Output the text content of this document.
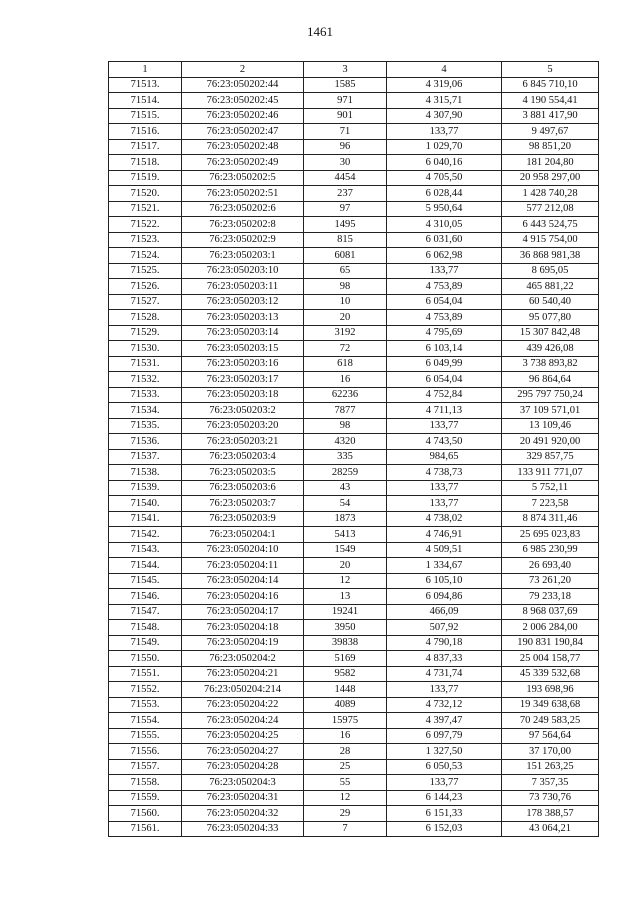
1461
1	2	3	4	5
71513.	76:23:050202:44	1585	4 319,06	6 845 710,10
71514.	76:23:050202:45	971	4 315,71	4 190 554,41
71515.	76:23:050202:46	901	4 307,90	3 881 417,90
71516.	76:23:050202:47	71	133,77	9 497,67
71517.	76:23:050202:48	96	1 029,70	98 851,20
71518.	76:23:050202:49	30	6 040,16	181 204,80
71519.	76:23:050202:5	4454	4 705,50	20 958 297,00
71520.	76:23:050202:51	237	6 028,44	1 428 740,28
71521.	76:23:050202:6	97	5 950,64	577 212,08
71522.	76:23:050202:8	1495	4 310,05	6 443 524,75
71523.	76:23:050202:9	815	6 031,60	4 915 754,00
71524.	76:23:050203:1	6081	6 062,98	36 868 981,38
71525.	76:23:050203:10	65	133,77	8 695,05
71526.	76:23:050203:11	98	4 753,89	465 881,22
71527.	76:23:050203:12	10	6 054,04	60 540,40
71528.	76:23:050203:13	20	4 753,89	95 077,80
71529.	76:23:050203:14	3192	4 795,69	15 307 842,48
71530.	76:23:050203:15	72	6 103,14	439 426,08
71531.	76:23:050203:16	618	6 049,99	3 738 893,82
71532.	76:23:050203:17	16	6 054,04	96 864,64
71533.	76:23:050203:18	62236	4 752,84	295 797 750,24
71534.	76:23:050203:2	7877	4 711,13	37 109 571,01
71535.	76:23:050203:20	98	133,77	13 109,46
71536.	76:23:050203:21	4320	4 743,50	20 491 920,00
71537.	76:23:050203:4	335	984,65	329 857,75
71538.	76:23:050203:5	28259	4 738,73	133 911 771,07
71539.	76:23:050203:6	43	133,77	5 752,11
71540.	76:23:050203:7	54	133,77	7 223,58
71541.	76:23:050203:9	1873	4 738,02	8 874 311,46
71542.	76:23:050204:1	5413	4 746,91	25 695 023,83
71543.	76:23:050204:10	1549	4 509,51	6 985 230,99
71544.	76:23:050204:11	20	1 334,67	26 693,40
71545.	76:23:050204:14	12	6 105,10	73 261,20
71546.	76:23:050204:16	13	6 094,86	79 233,18
71547.	76:23:050204:17	19241	466,09	8 968 037,69
71548.	76:23:050204:18	3950	507,92	2 006 284,00
71549.	76:23:050204:19	39838	4 790,18	190 831 190,84
71550.	76:23:050204:2	5169	4 837,33	25 004 158,77
71551.	76:23:050204:21	9582	4 731,74	45 339 532,68
71552.	76:23:050204:214	1448	133,77	193 698,96
71553.	76:23:050204:22	4089	4 732,12	19 349 638,68
71554.	76:23:050204:24	15975	4 397,47	70 249 583,25
71555.	76:23:050204:25	16	6 097,79	97 564,64
71556.	76:23:050204:27	28	1 327,50	37 170,00
71557.	76:23:050204:28	25	6 050,53	151 263,25
71558.	76:23:050204:3	55	133,77	7 357,35
71559.	76:23:050204:31	12	6 144,23	73 730,76
71560.	76:23:050204:32	29	6 151,33	178 388,57
71561.	76:23:050204:33	7	6 152,03	43 064,21
